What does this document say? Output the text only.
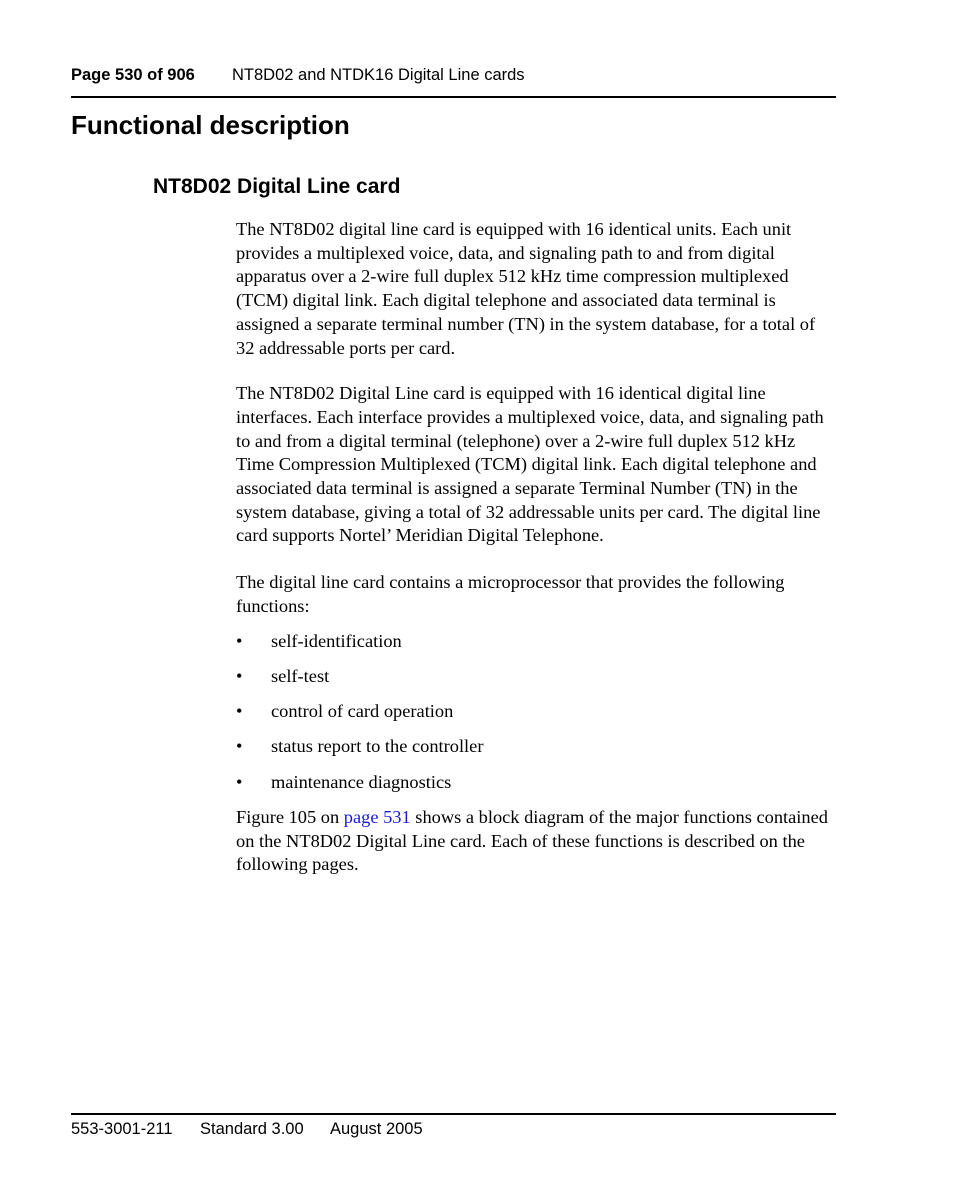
Page 530 of 906 NT8D02 and NTDK16 Digital Line cards
Functional description
NT8D02 Digital Line card

The NT8D02 digital line card is equipped with 16 identical units. Each unit provides a multiplexed voice, data, and signaling path to and from digital apparatus over a 2-wire full duplex 512 kHz time compression multiplexed (TCM) digital link. Each digital telephone and associated data terminal is assigned a separate terminal number (TN) in the system database, for a total of 32 addressable ports per card.

The NT8D02 Digital Line card is equipped with 16 identical digital line interfaces. Each interface provides a multiplexed voice, data, and signaling path to and from a digital terminal (telephone) over a 2-wire full duplex 512 kHz Time Compression Multiplexed (TCM) digital link. Each digital telephone and associated data terminal is assigned a separate Terminal Number (TN) in the system database, giving a total of 32 addressable units per card. The digital line card supports Nortel’ Meridian Digital Telephone.

The digital line card contains a microprocessor that provides the following functions:

• self-identification
• self-test
• control of card operation
• status report to the controller
• maintenance diagnostics

Figure 105 on page 531 shows a block diagram of the major functions contained on the NT8D02 Digital Line card. Each of these functions is described on the following pages.

553-3001-211 Standard 3.00 August 2005
